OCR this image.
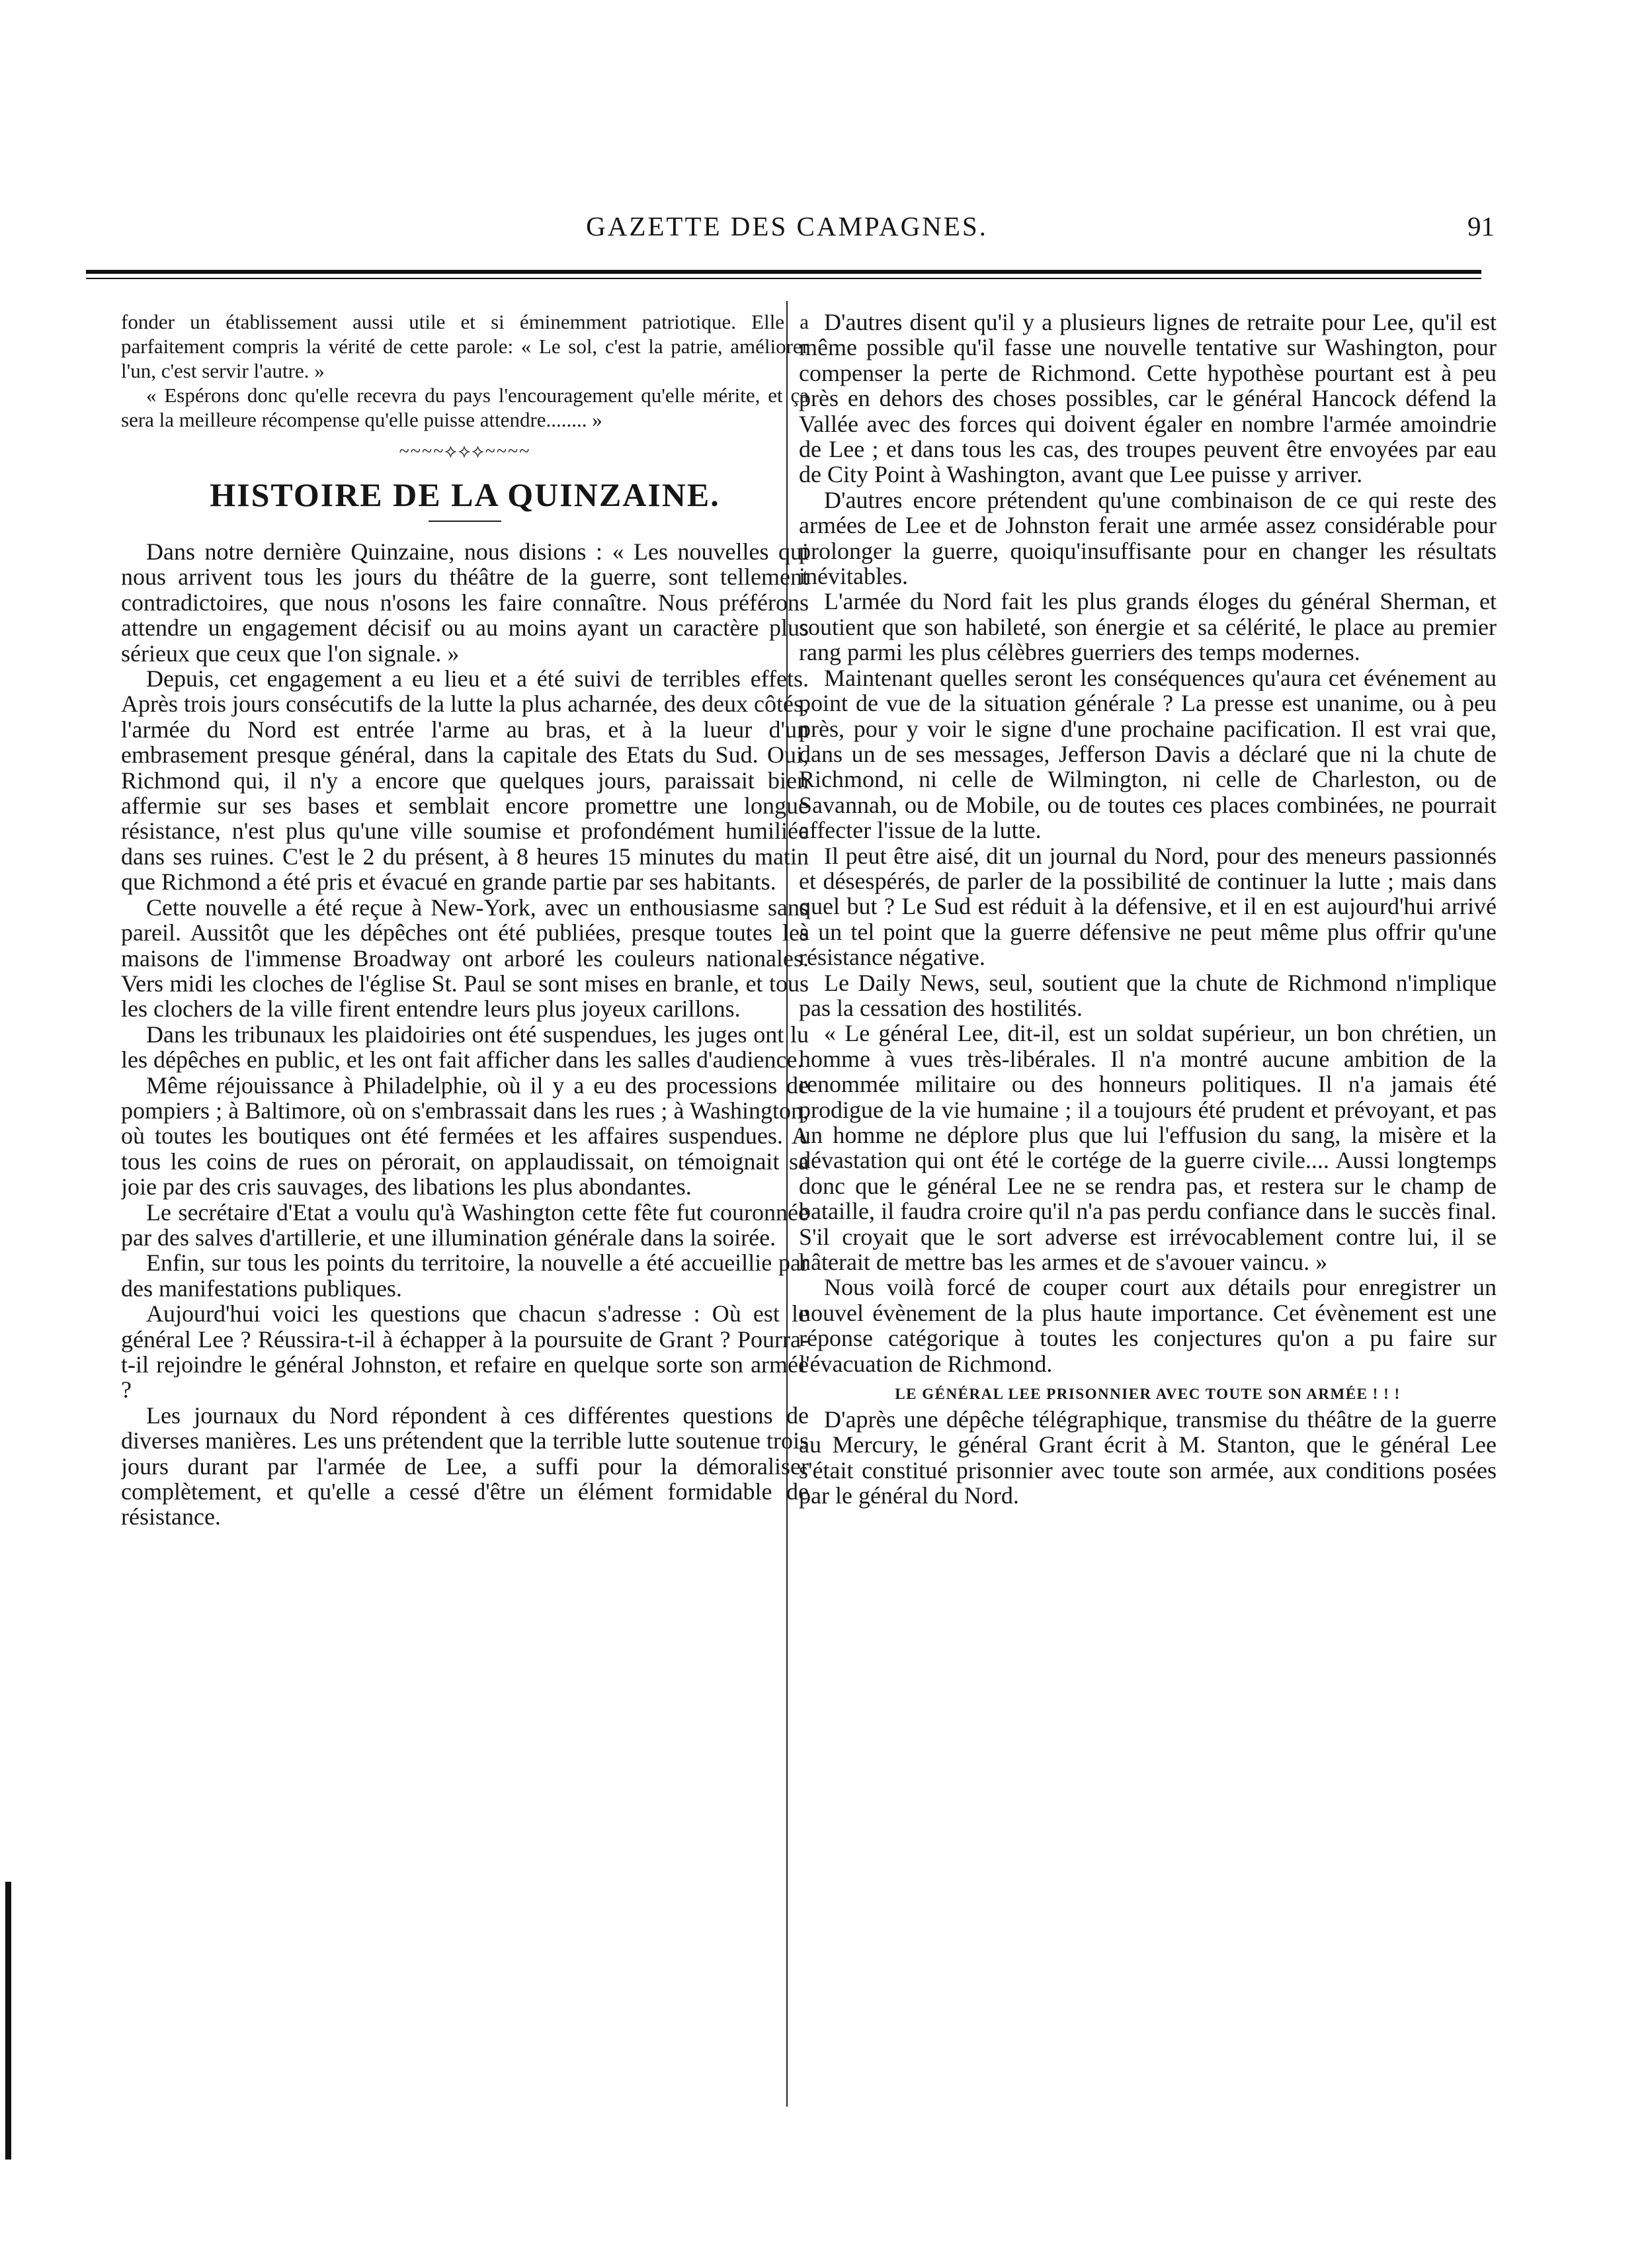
GAZETTE DES CAMPAGNES.	91

fonder un établissement aussi utile et si éminemment patriotique. Elle a parfaitement compris la vérité de cette parole: « Le sol, c'est la patrie, améliorer l'un, c'est servir l'autre. »

« Espérons donc qu'elle recevra du pays l'encouragement qu'elle mérite, et ça sera la meilleure récompense qu'elle puisse attendre........ »

~~~~⟡⟡⟡~~~~
HISTOIRE DE LA QUINZAINE.

Dans notre dernière Quinzaine, nous disions : « Les nouvelles qui nous arrivent tous les jours du théâtre de la guerre, sont tellement contradictoires, que nous n'osons les faire connaître. Nous préférons attendre un engagement décisif ou au moins ayant un caractère plus sérieux que ceux que l'on signale. »

Depuis, cet engagement a eu lieu et a été suivi de terribles effets. Après trois jours consécutifs de la lutte la plus acharnée, des deux côtés, l'armée du Nord est entrée l'arme au bras, et à la lueur d'un embrasement presque général, dans la capitale des Etats du Sud. Oui, Richmond qui, il n'y a encore que quelques jours, paraissait bien affermie sur ses bases et semblait encore promettre une longue résistance, n'est plus qu'une ville soumise et profondément humiliée dans ses ruines. C'est le 2 du présent, à 8 heures 15 minutes du matin que Richmond a été pris et évacué en grande partie par ses habitants.

Cette nouvelle a été reçue à New-York, avec un enthousiasme sans pareil. Aussitôt que les dépêches ont été publiées, presque toutes les maisons de l'immense Broadway ont arboré les couleurs nationales. Vers midi les cloches de l'église St. Paul se sont mises en branle, et tous les clochers de la ville firent entendre leurs plus joyeux carillons.

Dans les tribunaux les plaidoiries ont été suspendues, les juges ont lu les dépêches en public, et les ont fait afficher dans les salles d'audience.

Même réjouissance à Philadelphie, où il y a eu des processions de pompiers ; à Baltimore, où on s'embrassait dans les rues ; à Washington, où toutes les boutiques ont été fermées et les affaires suspendues. A tous les coins de rues on pérorait, on applaudissait, on témoignait sa joie par des cris sauvages, des libations les plus abondantes.

Le secrétaire d'Etat a voulu qu'à Washington cette fête fut couronnée par des salves d'artillerie, et une illumination générale dans la soirée.

Enfin, sur tous les points du territoire, la nouvelle a été accueillie par des manifestations publiques.

Aujourd'hui voici les questions que chacun s'adresse : Où est le général Lee ? Réussira-t-il à échapper à la poursuite de Grant ? Pourra-t-il rejoindre le général Johnston, et refaire en quelque sorte son armée ?

Les journaux du Nord répondent à ces différentes questions de diverses manières. Les uns prétendent que la terrible lutte soutenue trois jours durant par l'armée de Lee, a suffi pour la démoraliser complètement, et qu'elle a cessé d'être un élément formidable de résistance.

D'autres disent qu'il y a plusieurs lignes de retraite pour Lee, qu'il est même possible qu'il fasse une nouvelle tentative sur Washington, pour compenser la perte de Richmond. Cette hypothèse pourtant est à peu près en dehors des choses possibles, car le général Hancock défend la Vallée avec des forces qui doivent égaler en nombre l'armée amoindrie de Lee ; et dans tous les cas, des troupes peuvent être envoyées par eau de City Point à Washington, avant que Lee puisse y arriver.

D'autres encore prétendent qu'une combinaison de ce qui reste des armées de Lee et de Johnston ferait une armée assez considérable pour prolonger la guerre, quoiqu'insuffisante pour en changer les résultats inévitables.

L'armée du Nord fait les plus grands éloges du général Sherman, et soutient que son habileté, son énergie et sa célérité, le place au premier rang parmi les plus célèbres guerriers des temps modernes.

Maintenant quelles seront les conséquences qu'aura cet événement au point de vue de la situation générale ? La presse est unanime, ou à peu près, pour y voir le signe d'une prochaine pacification. Il est vrai que, dans un de ses messages, Jefferson Davis a déclaré que ni la chute de Richmond, ni celle de Wilmington, ni celle de Charleston, ou de Savannah, ou de Mobile, ou de toutes ces places combinées, ne pourrait affecter l'issue de la lutte.

Il peut être aisé, dit un journal du Nord, pour des meneurs passionnés et désespérés, de parler de la possibilité de continuer la lutte ; mais dans quel but ? Le Sud est réduit à la défensive, et il en est aujourd'hui arrivé à un tel point que la guerre défensive ne peut même plus offrir qu'une résistance négative.

Le Daily News, seul, soutient que la chute de Richmond n'implique pas la cessation des hostilités.

« Le général Lee, dit-il, est un soldat supérieur, un bon chrétien, un homme à vues très-libérales. Il n'a montré aucune ambition de la renommée militaire ou des honneurs politiques. Il n'a jamais été prodigue de la vie humaine ; il a toujours été prudent et prévoyant, et pas un homme ne déplore plus que lui l'effusion du sang, la misère et la dévastation qui ont été le cortége de la guerre civile.... Aussi longtemps donc que le général Lee ne se rendra pas, et restera sur le champ de bataille, il faudra croire qu'il n'a pas perdu confiance dans le succès final. S'il croyait que le sort adverse est irrévocablement contre lui, il se hâterait de mettre bas les armes et de s'avouer vaincu. »

Nous voilà forcé de couper court aux détails pour enregistrer un nouvel évènement de la plus haute importance. Cet évènement est une réponse catégorique à toutes les conjectures qu'on a pu faire sur l'évacuation de Richmond.

LE GÉNÉRAL LEE PRISONNIER AVEC TOUTE SON ARMÉE ! ! !

D'après une dépêche télégraphique, transmise du théâtre de la guerre au Mercury, le général Grant écrit à M. Stanton, que le général Lee s'était constitué prisonnier avec toute son armée, aux conditions posées par le général du Nord.
